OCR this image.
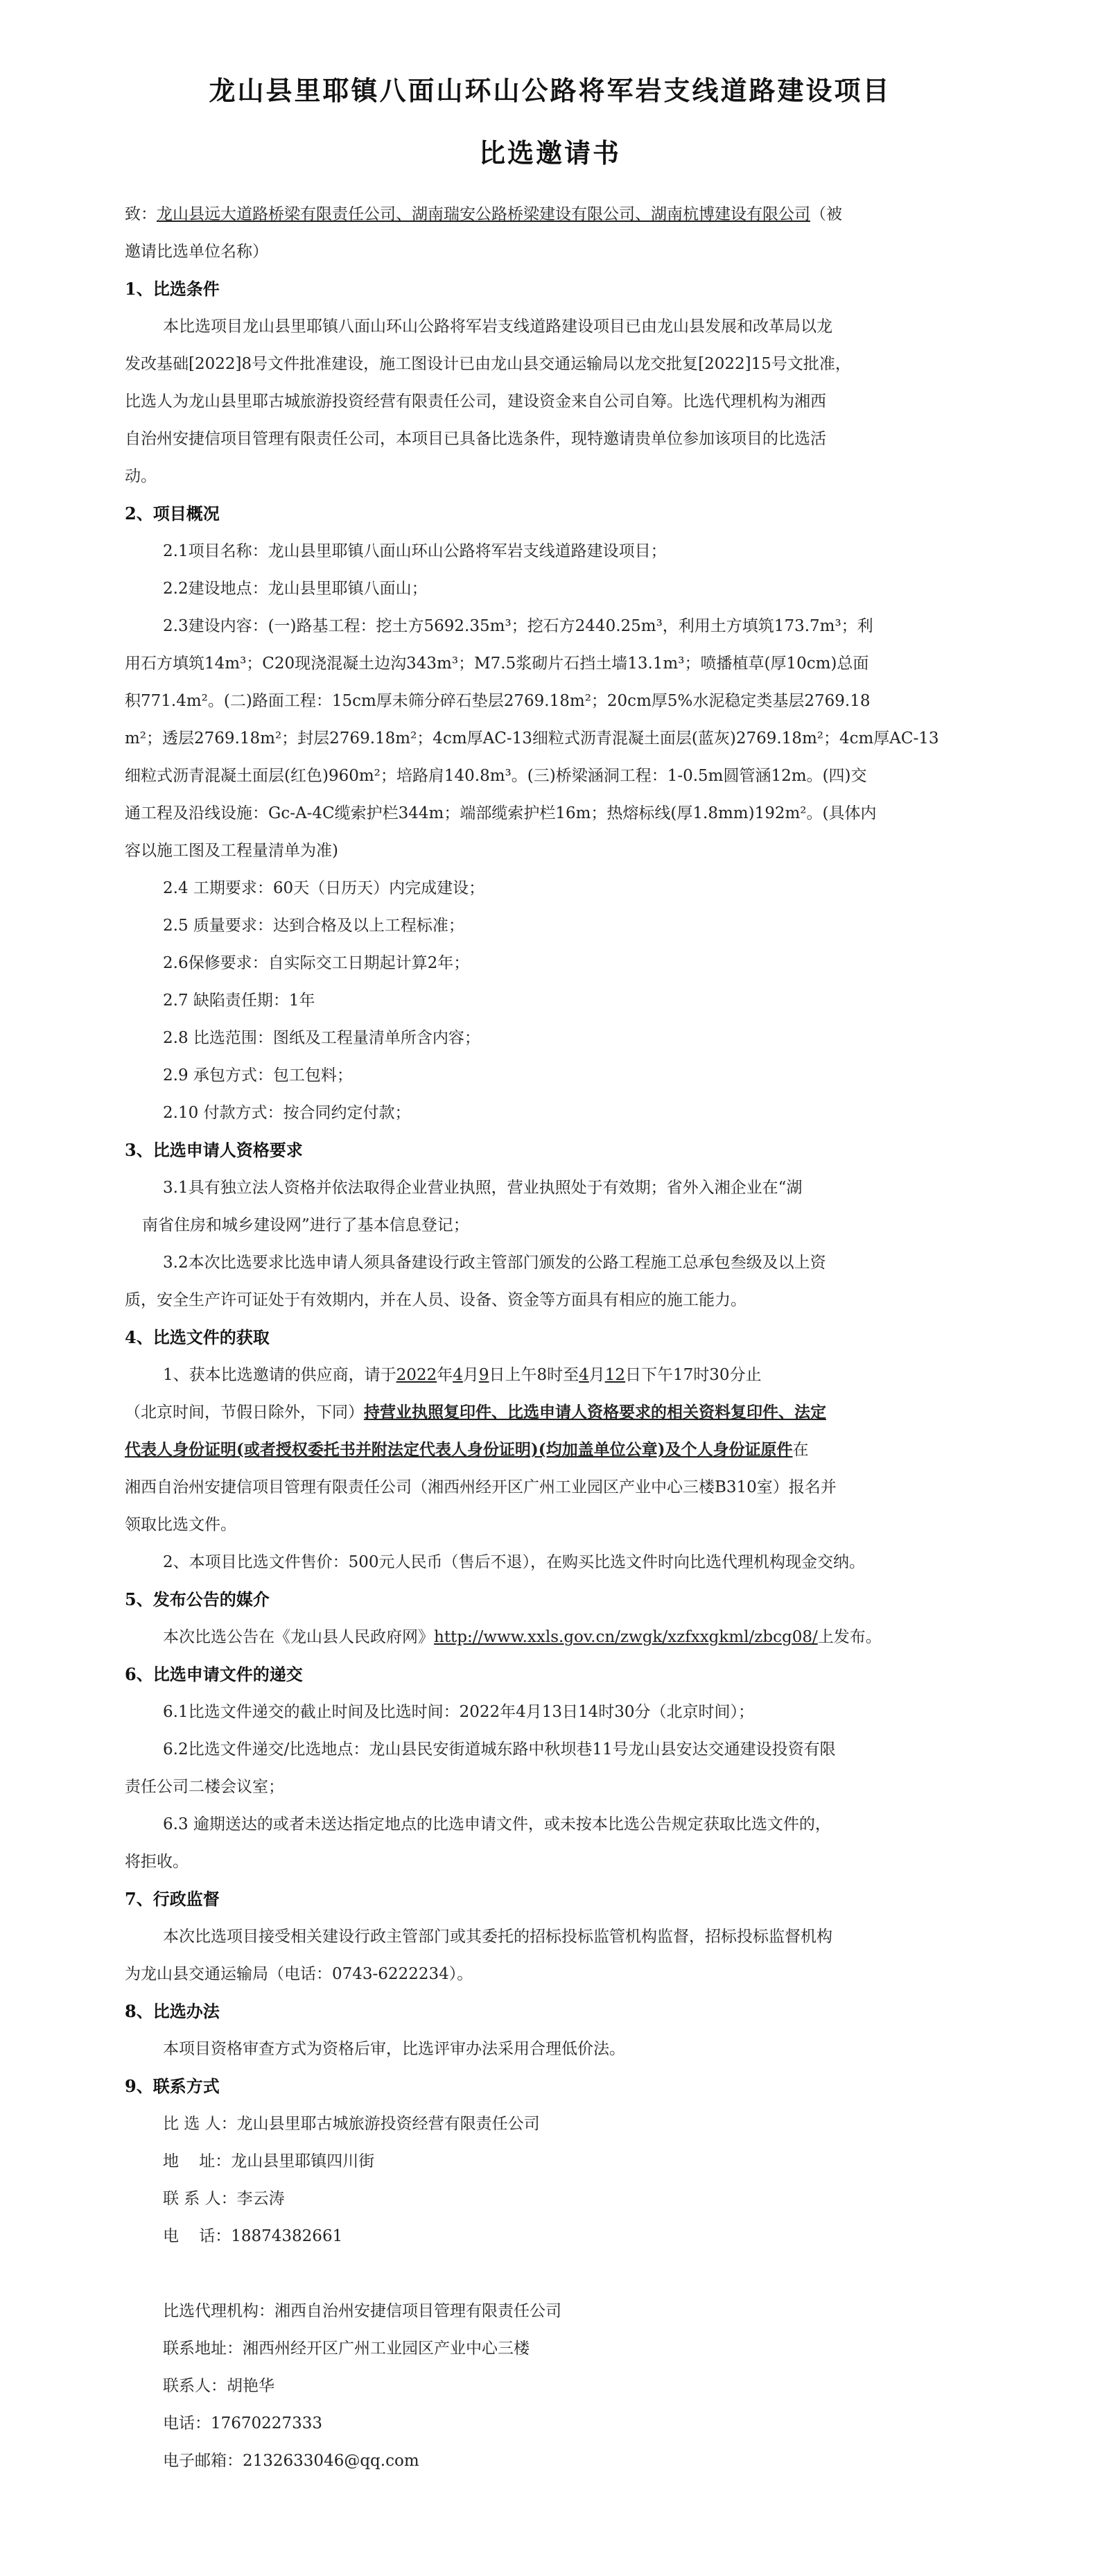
龙山县里耶镇八面山环山公路将军岩支线道路建设项目
比选邀请书
致：龙山县远大道路桥梁有限责任公司、湖南瑞安公路桥梁建设有限公司、湖南杭博建设有限公司（被
邀请比选单位名称）
1、比选条件
本比选项目龙山县里耶镇八面山环山公路将军岩支线道路建设项目已由龙山县发展和改革局以龙
发改基础[2022]8号文件批准建设，施工图设计已由龙山县交通运输局以龙交批复[2022]15号文批准，
比选人为龙山县里耶古城旅游投资经营有限责任公司，建设资金来自公司自筹。比选代理机构为湘西
自治州安捷信项目管理有限责任公司，本项目已具备比选条件，现特邀请贵单位参加该项目的比选活
动。
2、项目概况
2.1项目名称：龙山县里耶镇八面山环山公路将军岩支线道路建设项目；
2.2建设地点：龙山县里耶镇八面山；
2.3建设内容：(一)路基工程：挖土方5692.35m³；挖石方2440.25m³，利用土方填筑173.7m³；利
用石方填筑14m³；C20现浇混凝土边沟343m³；M7.5浆砌片石挡土墙13.1m³；喷播植草(厚10cm)总面
积771.4m²。(二)路面工程：15cm厚未筛分碎石垫层2769.18m²；20cm厚5%水泥稳定类基层2769.18
m²；透层2769.18m²；封层2769.18m²；4cm厚AC-13细粒式沥青混凝土面层(蓝灰)2769.18m²；4cm厚AC-13
细粒式沥青混凝土面层(红色)960m²；培路肩140.8m³。(三)桥梁涵洞工程：1-0.5m圆管涵12m。(四)交
通工程及沿线设施：Gc-A-4C缆索护栏344m；端部缆索护栏16m；热熔标线(厚1.8mm)192m²。(具体内
容以施工图及工程量清单为准)
2.4 工期要求：60天（日历天）内完成建设；
2.5 质量要求：达到合格及以上工程标准；
2.6保修要求：自实际交工日期起计算2年；
2.7 缺陷责任期：1年
2.8 比选范围：图纸及工程量清单所含内容；
2.9 承包方式：包工包料；
2.10 付款方式：按合同约定付款；
3、比选申请人资格要求
3.1具有独立法人资格并依法取得企业营业执照，营业执照处于有效期；省外入湘企业在“湖
南省住房和城乡建设网”进行了基本信息登记；
3.2本次比选要求比选申请人须具备建设行政主管部门颁发的公路工程施工总承包叁级及以上资
质，安全生产许可证处于有效期内，并在人员、设备、资金等方面具有相应的施工能力。
4、比选文件的获取
1、获本比选邀请的供应商，请于2022年4月9日上午8时至4月12日下午17时30分止
（北京时间，节假日除外，下同）持营业执照复印件、比选申请人资格要求的相关资料复印件、法定
代表人身份证明(或者授权委托书并附法定代表人身份证明)(均加盖单位公章)及个人身份证原件在
湘西自治州安捷信项目管理有限责任公司（湘西州经开区广州工业园区产业中心三楼B310室）报名并
领取比选文件。
2、本项目比选文件售价：500元人民币（售后不退），在购买比选文件时向比选代理机构现金交纳。
5、发布公告的媒介
本次比选公告在《龙山县人民政府网》http://www.xxls.gov.cn/zwgk/xzfxxgkml/zbcg08/上发布。
6、比选申请文件的递交
6.1比选文件递交的截止时间及比选时间：2022年4月13日14时30分（北京时间）；
6.2比选文件递交/比选地点：龙山县民安街道城东路中秋坝巷11号龙山县安达交通建设投资有限
责任公司二楼会议室；
6.3 逾期送达的或者未送达指定地点的比选申请文件，或未按本比选公告规定获取比选文件的，
将拒收。
7、行政监督
本次比选项目接受相关建设行政主管部门或其委托的招标投标监管机构监督，招标投标监督机构
为龙山县交通运输局（电话：0743-6222234）。
8、比选办法
本项目资格审查方式为资格后审，比选评审办法采用合理低价法。
9、联系方式
比 选 人：龙山县里耶古城旅游投资经营有限责任公司
地    址：龙山县里耶镇四川街
联 系 人：李云涛
电    话：18874382661
比选代理机构：湘西自治州安捷信项目管理有限责任公司
联系地址：湘西州经开区广州工业园区产业中心三楼
联系人：胡艳华
电话：17670227333
电子邮箱：2132633046@qq.com
